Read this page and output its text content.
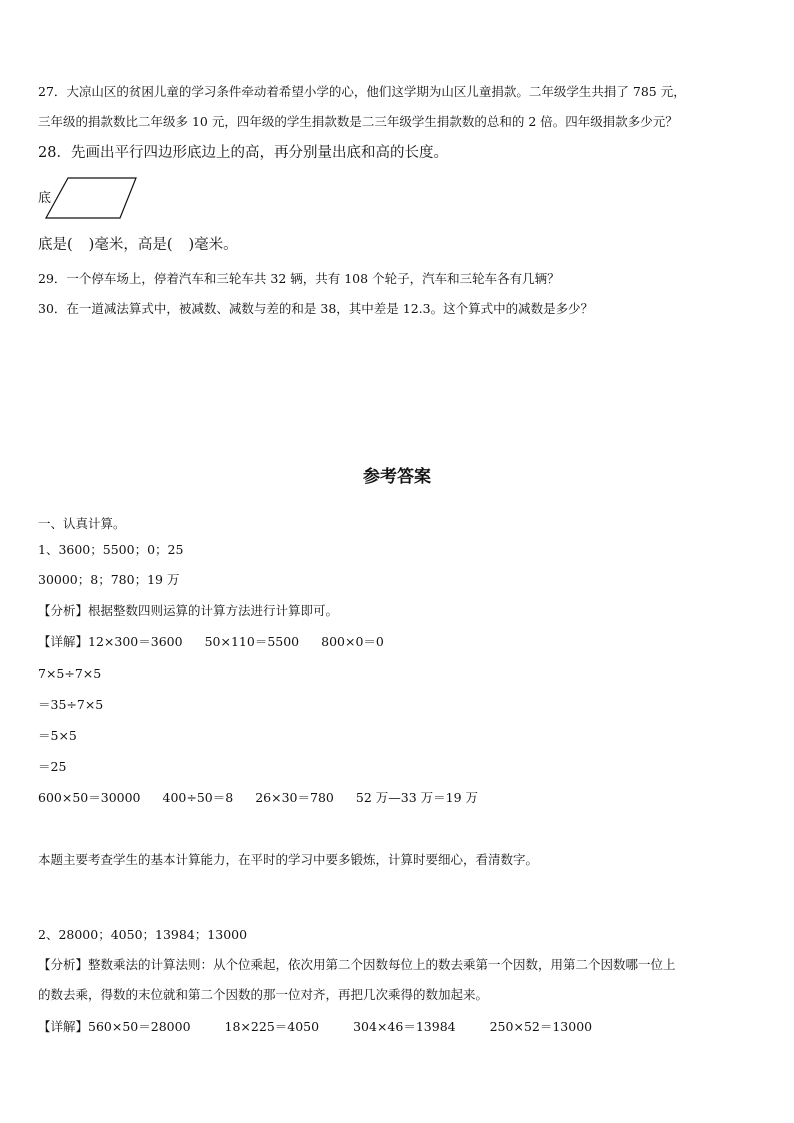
27．大凉山区的贫困儿童的学习条件牵动着希望小学的心，他们这学期为山区儿童捐款。二年级学生共捐了 785 元，
三年级的捐款数比二年级多 10 元，四年级的学生捐款数是二三年级学生捐款数的总和的 2 倍。四年级捐款多少元？
28．先画出平行四边形底边上的高，再分别量出底和高的长度。
底
底是( )毫米，高是( )毫米。
29．一个停车场上，停着汽车和三轮车共 32 辆，共有 108 个轮子，汽车和三轮车各有几辆？
30．在一道减法算式中，被减数、减数与差的和是 38，其中差是 12.3。这个算式中的减数是多少？
参考答案
一、认真计算。
1、3600；5500；0；25
30000；8；780；19 万
【分析】根据整数四则运算的计算方法进行计算即可。
【详解】12×300＝3600 50×110＝5500 800×0＝0
7×5÷7×5
＝35÷7×5
＝5×5
＝25
600×50＝30000 400÷50＝8 26×30＝780 52 万—33 万＝19 万
本题主要考查学生的基本计算能力，在平时的学习中要多锻炼，计算时要细心，看清数字。
2、28000；4050；13984；13000
【分析】整数乘法的计算法则：从个位乘起，依次用第二个因数每位上的数去乘第一个因数，用第二个因数哪一位上
的数去乘，得数的末位就和第二个因数的那一位对齐，再把几次乘得的数加起来。
【详解】560×50＝28000	18×225＝4050	304×46＝13984	250×52＝13000
